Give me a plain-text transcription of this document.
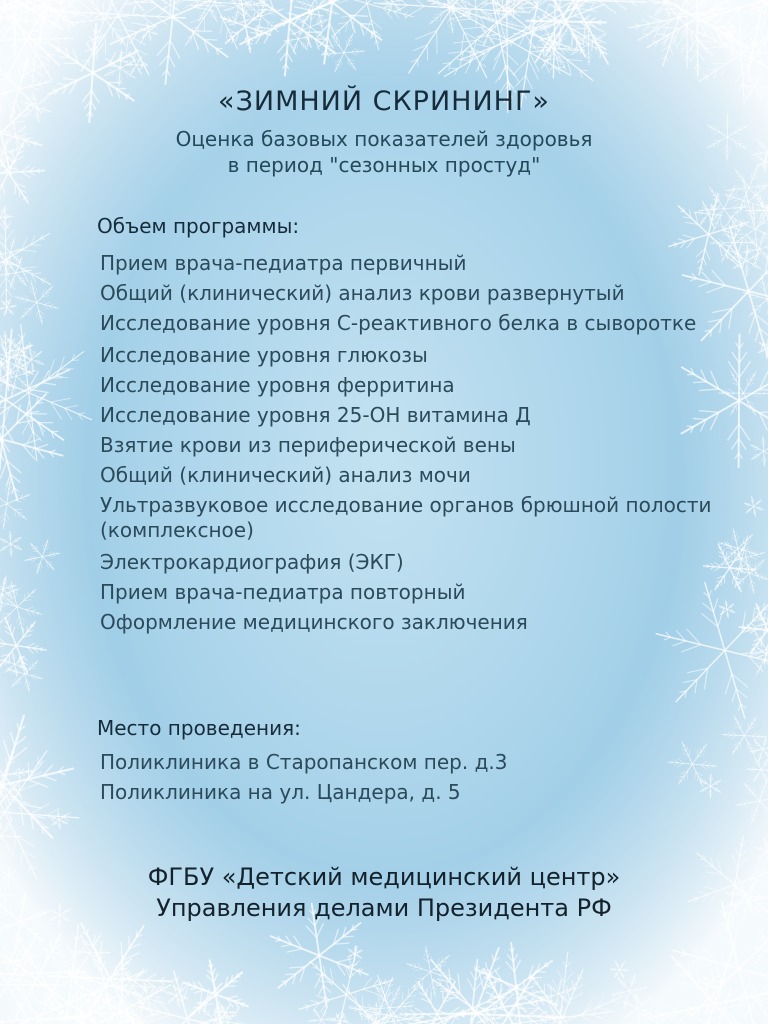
«ЗИМНИЙ СКРИНИНГ»
Оценка базовых показателей здоровья
в период "сезонных простуд"
Объем программы:
Прием врача-педиатра первичный
Общий (клинический) анализ крови развернутый
Исследование уровня С-реактивного белка в сыворотке
Исследование уровня глюкозы
Исследование уровня ферритина
Исследование уровня 25-ОН витамина Д
Взятие крови из периферической вены
Общий (клинический) анализ мочи
Ультразвуковое исследование органов брюшной полости (комплексное)
Электрокардиография (ЭКГ)
Прием врача-педиатра повторный
Оформление медицинского заключения
Место проведения:
Поликлиника в Старопанском пер. д.3
Поликлиника на ул. Цандера, д. 5
ФГБУ «Детский медицинский центр»
Управления делами Президента РФ
